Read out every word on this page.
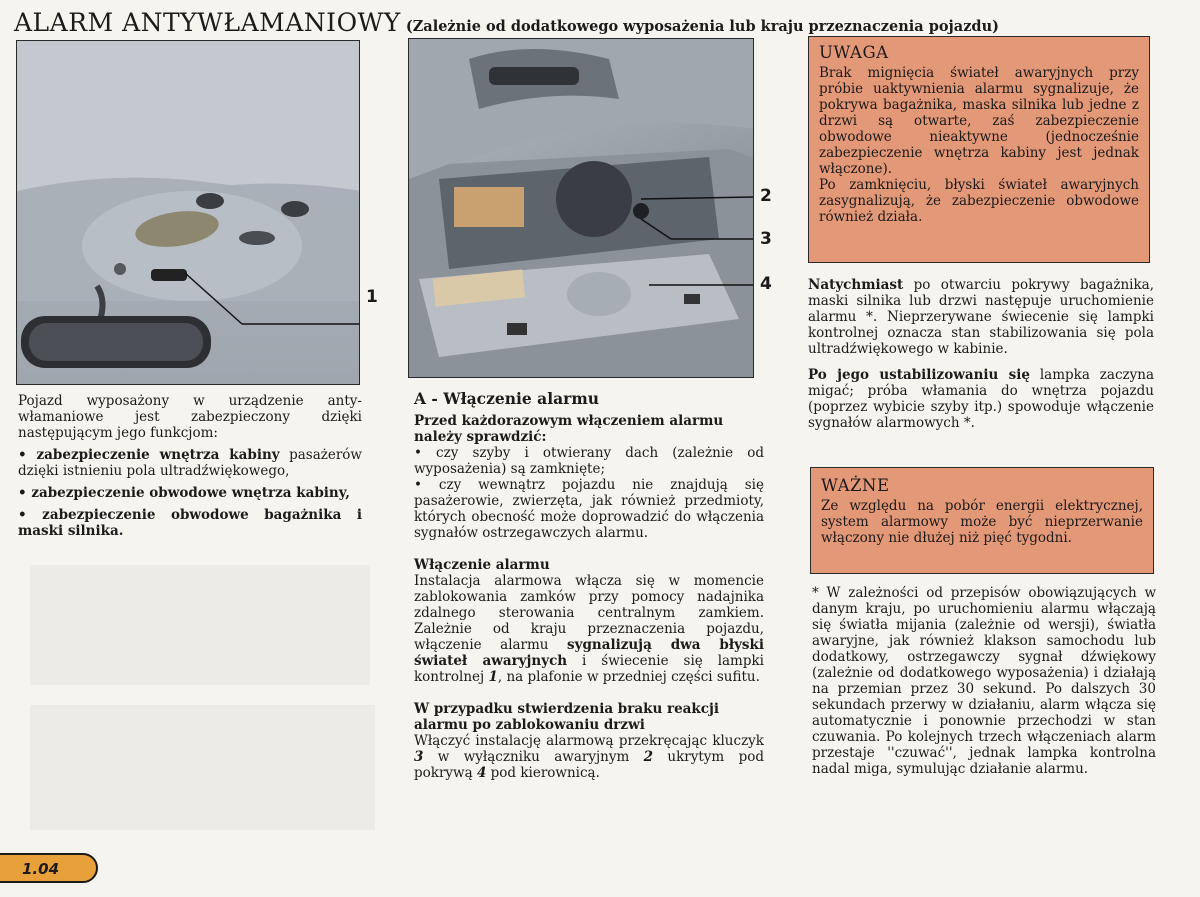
ALARM ANTYWŁAMANIOWY (Zależnie od dodatkowego wyposażenia lub kraju przeznaczenia pojazdu)
1
2
3
4

Pojazd wyposażony w urządzenie anty-włamaniowe jest zabezpieczony dzięki następującym jego funkcjom:

• zabezpieczenie wnętrza kabiny pasażerów dzięki istnieniu pola ultradźwiękowego,

• zabezpieczenie obwodowe wnętrza kabiny,

• zabezpieczenie obwodowe bagażnika i maski silnika.

A - Włączenie alarmu
Przed każdorazowym włączeniem alarmu należy sprawdzić:

• czy szyby i otwierany dach (zależnie od wyposażenia) są zamknięte;

• czy wewnątrz pojazdu nie znajdują się pasażerowie, zwierzęta, jak również przedmioty, których obecność może doprowadzić do włączenia sygnałów ostrzegawczych alarmu.

Włączenie alarmu

Instalacja alarmowa włącza się w momencie zablokowania zamków przy pomocy nadajnika zdalnego sterowania centralnym zamkiem. Zależnie od kraju przeznaczenia pojazdu, włączenie alarmu sygnalizują dwa błyski świateł awaryjnych i świecenie się lampki kontrolnej 1, na plafonie w przedniej części sufitu.

W przypadku stwierdzenia braku reakcji alarmu po zablokowaniu drzwi

Włączyć instalację alarmową przekręcając kluczyk 3 w wyłączniku awaryjnym 2 ukrytym pod pokrywą 4 pod kierownicą.

UWAGA

Brak mignięcia świateł awaryjnych przy próbie uaktywnienia alarmu sygnalizuje, że pokrywa bagażnika, maska silnika lub jedne z drzwi są otwarte, zaś zabezpieczenie obwodowe nieaktywne (jednocześnie zabezpieczenie wnętrza kabiny jest jednak włączone).

Po zamknięciu, błyski świateł awaryjnych zasygnalizują, że zabezpieczenie obwodowe również działa.

Natychmiast po otwarciu pokrywy bagażnika, maski silnika lub drzwi następuje uruchomienie alarmu *. Nieprzerywane świecenie się lampki kontrolnej oznacza stan stabilizowania się pola ultradźwiękowego w kabinie.

Po jego ustabilizowaniu się lampka zaczyna migać; próba włamania do wnętrza pojazdu (poprzez wybicie szyby itp.) spowoduje włączenie sygnałów alarmowych *.

WAŻNE

Ze względu na pobór energii elektrycznej, system alarmowy może być nieprzerwanie włączony nie dłużej niż pięć tygodni.

* W zależności od przepisów obowiązujących w danym kraju, po uruchomieniu alarmu włączają się światła mijania (zależnie od wersji), światła awaryjne, jak również klakson samochodu lub dodatkowy, ostrzegawczy sygnał dźwiękowy (zależnie od dodatkowego wyposażenia) i działają na przemian przez 30 sekund. Po dalszych 30 sekundach przerwy w działaniu, alarm włącza się automatycznie i ponownie przechodzi w stan czuwania. Po kolejnych trzech włączeniach alarm przestaje ''czuwać'', jednak lampka kontrolna nadal miga, symulując działanie alarmu.

1.04
